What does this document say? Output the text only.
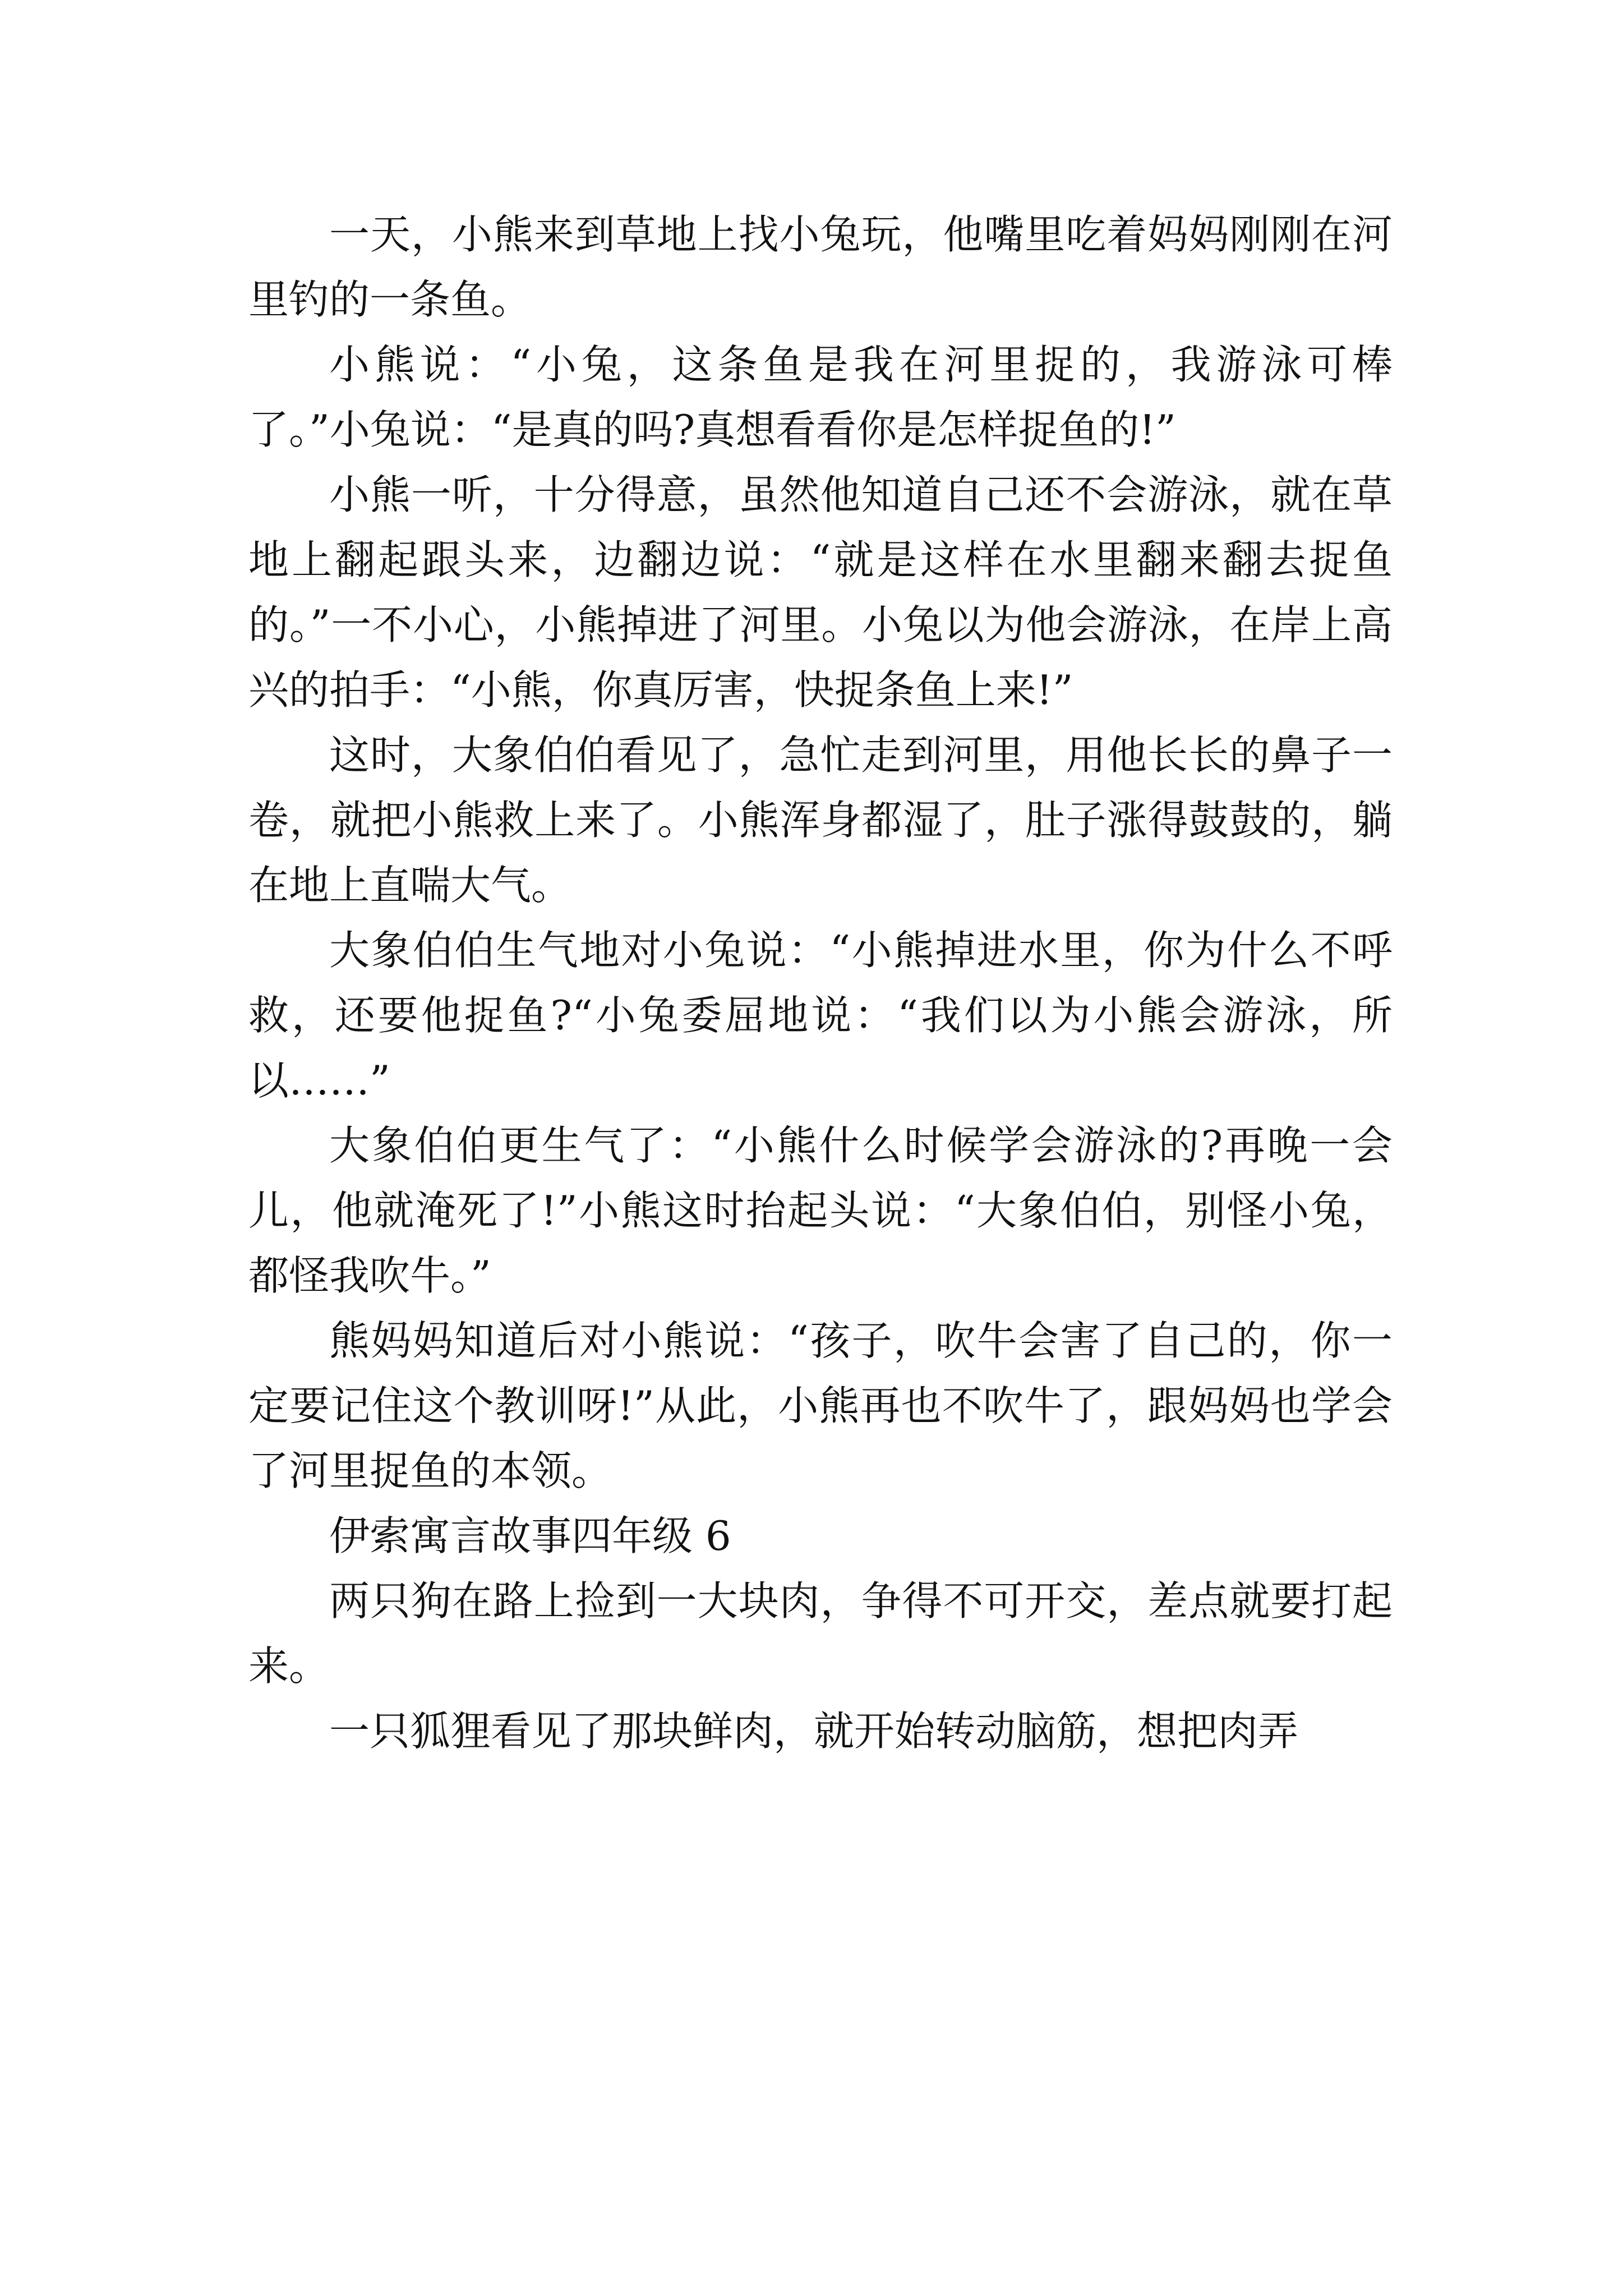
一天，小熊来到草地上找小兔玩，他嘴里吃着妈妈刚刚在河里钓的一条鱼。

小熊说：“小兔，这条鱼是我在河里捉的，我游泳可棒了。”小兔说：“是真的吗?真想看看你是怎样捉鱼的!”

小熊一听，十分得意，虽然他知道自己还不会游泳，就在草地上翻起跟头来，边翻边说：“就是这样在水里翻来翻去捉鱼的。”一不小心，小熊掉进了河里。小兔以为他会游泳，在岸上高兴的拍手：“小熊，你真厉害，快捉条鱼上来!”

这时，大象伯伯看见了，急忙走到河里，用他长长的鼻子一卷，就把小熊救上来了。小熊浑身都湿了，肚子涨得鼓鼓的，躺在地上直喘大气。

大象伯伯生气地对小兔说：“小熊掉进水里，你为什么不呼救，还要他捉鱼?“小兔委屈地说：“我们以为小熊会游泳，所以……”

大象伯伯更生气了：“小熊什么时候学会游泳的?再晚一会儿，他就淹死了!”小熊这时抬起头说：“大象伯伯，别怪小兔，都怪我吹牛。”

熊妈妈知道后对小熊说：“孩子，吹牛会害了自己的，你一定要记住这个教训呀!”从此，小熊再也不吹牛了，跟妈妈也学会了河里捉鱼的本领。

伊索寓言故事四年级 6

两只狗在路上捡到一大块肉，争得不可开交，差点就要打起来。

一只狐狸看见了那块鲜肉，就开始转动脑筋，想把肉弄
